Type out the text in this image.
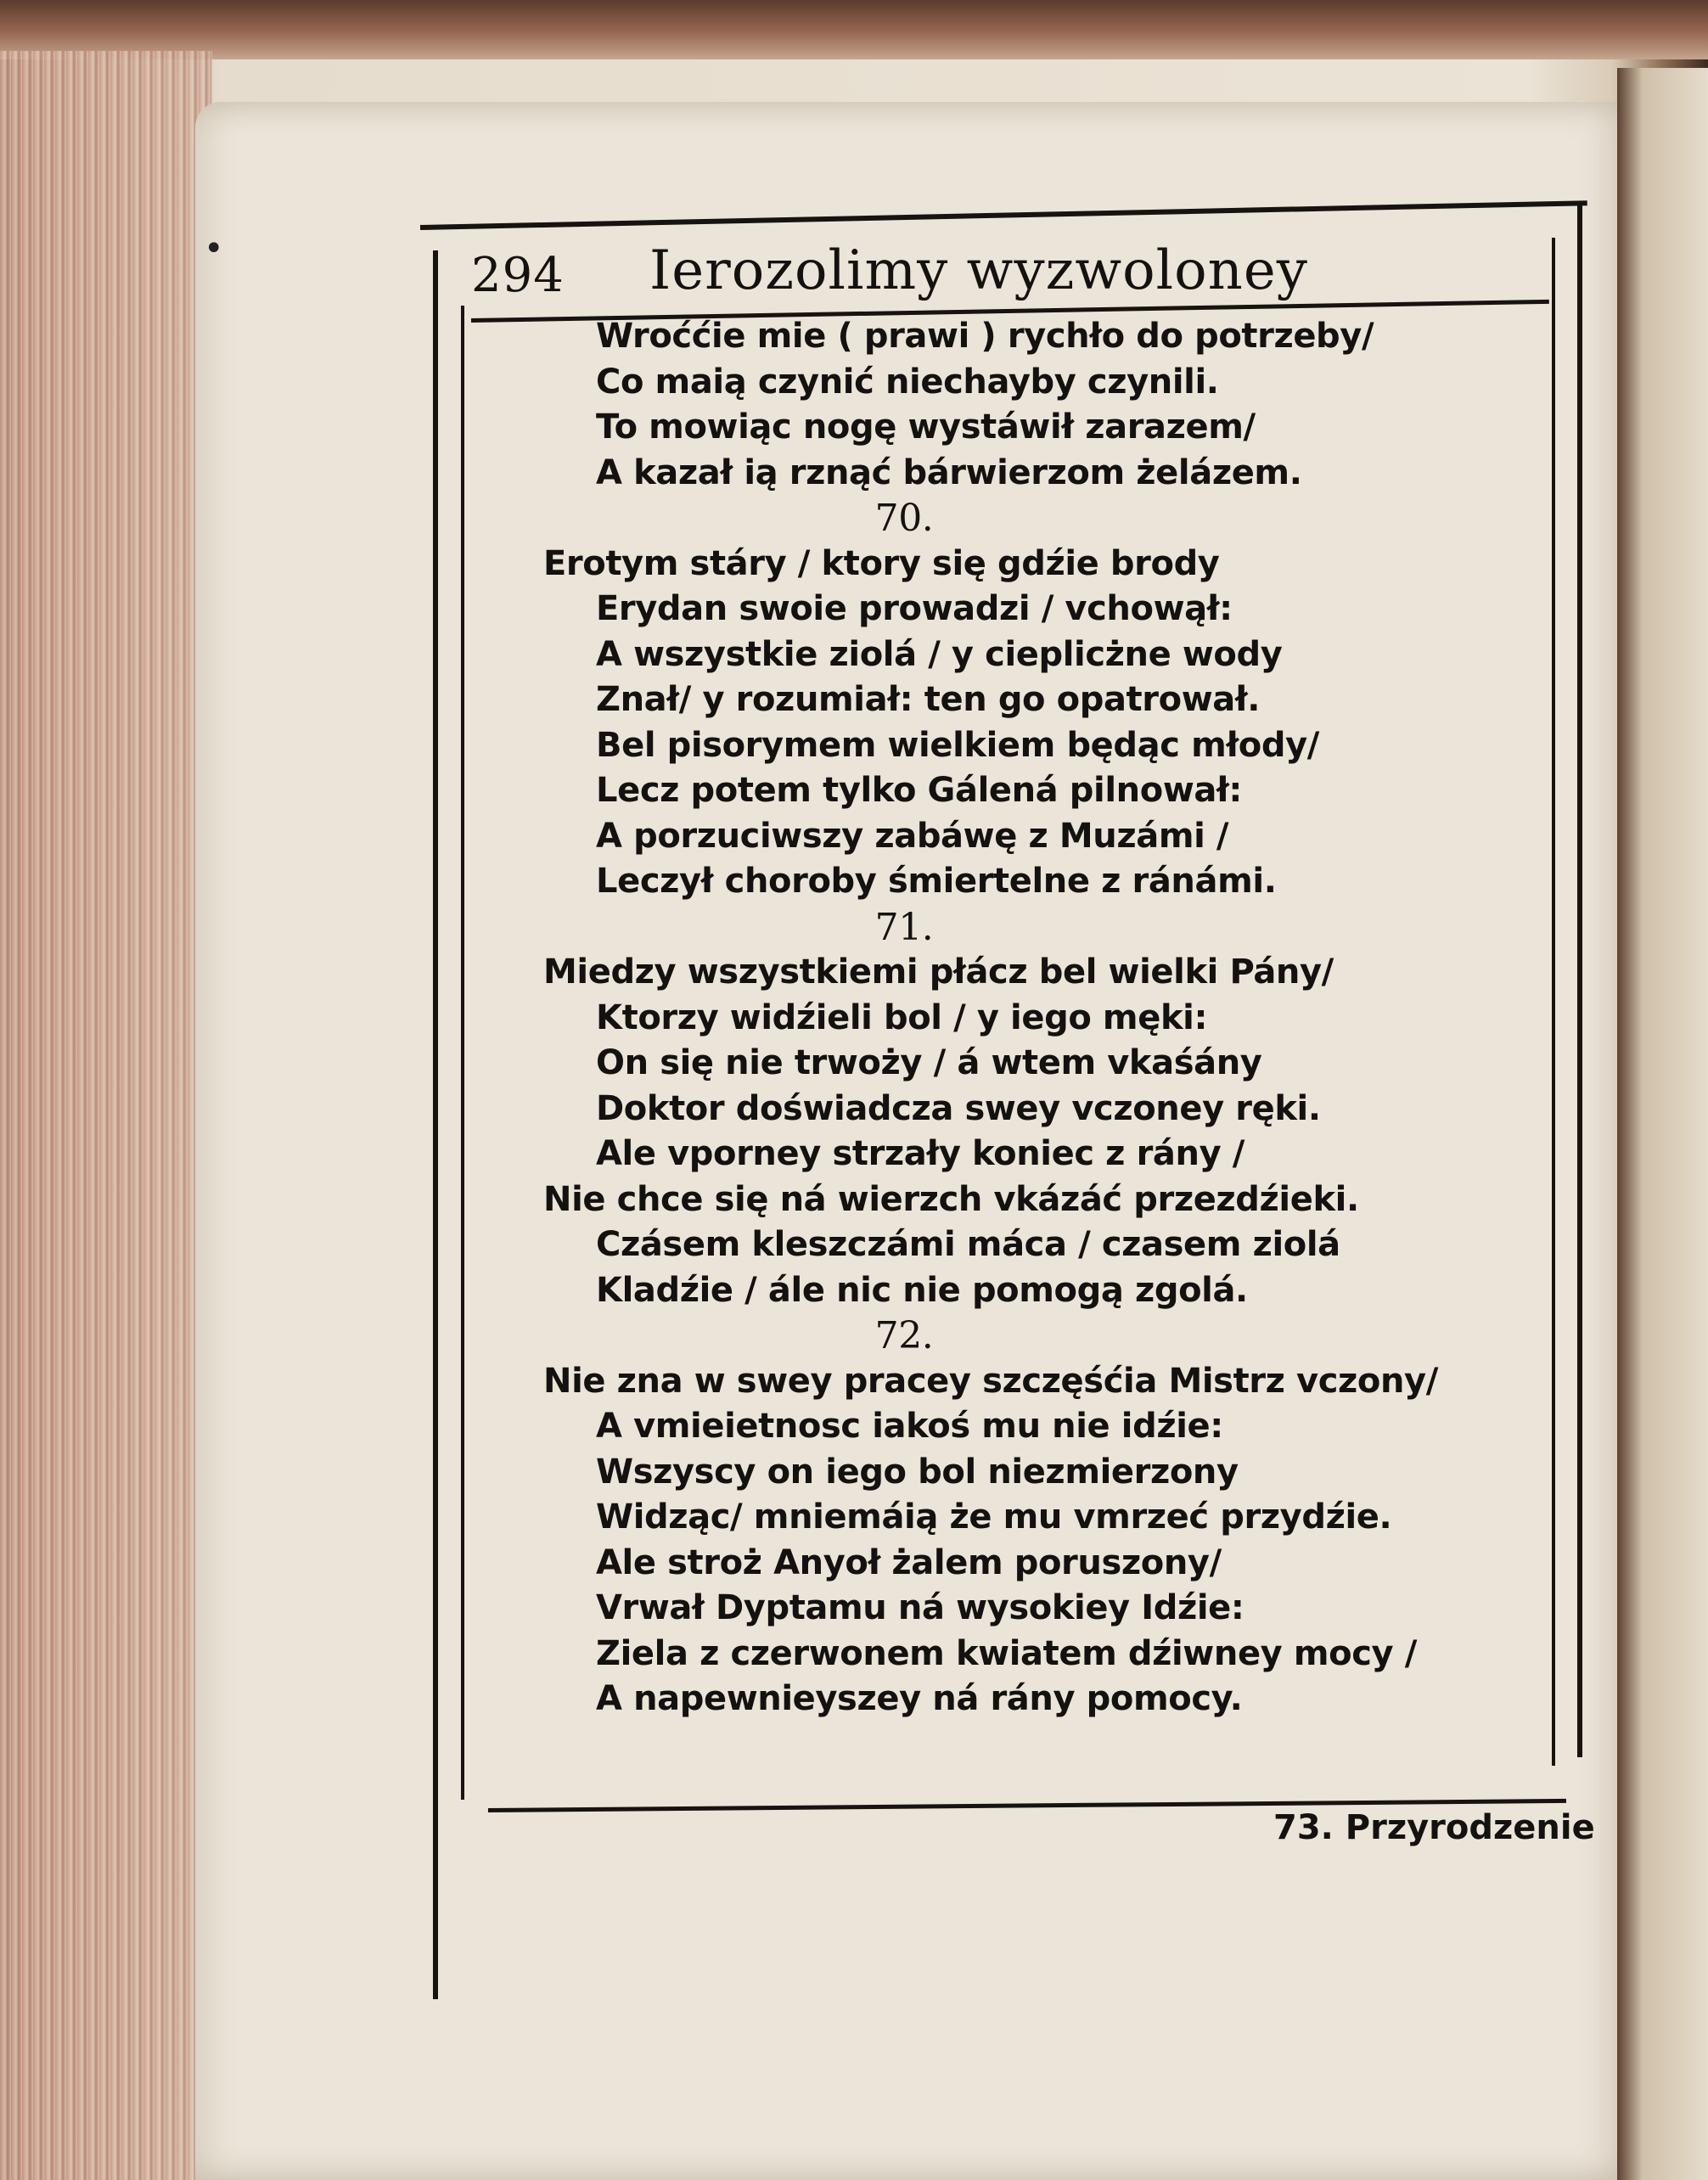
•	294 Ierozolimy wyzwoloney
Wroććie mie ( prawi ) rychło do potrzeby/
Co maią czynić niechayby czynili.
To mowiąc nogę wystáwił zarazem/
A kazał ią rznąć bárwierzom żelázem.
70.
Erotym stáry / ktory się gdźie brody
Erydan swoie prowadzi / vchowął:
A wszystkie ziolá / y cieplicżne wody
Znał/ y rozumiał: ten go opatrował.
Bel pisorymem wielkiem będąc młody/
Lecz potem tylko Gálená pilnował:
A porzuciwszy zabáwę z Muzámi /
Leczył choroby śmiertelne z ránámi.
71.
Miedzy wszystkiemi płácz bel wielki Pány/
Ktorzy widźieli bol / y iego męki:
On się nie trwoży / á wtem vkaśány
Doktor doświadcza swey vczoney ręki.
Ale vporney strzały koniec z rány /
Nie chce się ná wierzch vkázáć przezdźieki.
Czásem kleszczámi máca / czasem ziolá
Kladźie / ále nic nie pomogą zgolá.
72.
Nie zna w swey pracey szczęśćia Mistrz vczony/
A vmieietnosc iakoś mu nie idźie:
Wszyscy on iego bol niezmierzony
Widząc/ mniemáią że mu vmrzeć przydźie.
Ale stroż Anyoł żalem poruszony/
Vrwał Dyptamu ná wysokiey Idźie:
Ziela z czerwonem kwiatem dźiwney mocy /
A napewnieyszey ná rány pomocy.
73. Przyrodzenie
